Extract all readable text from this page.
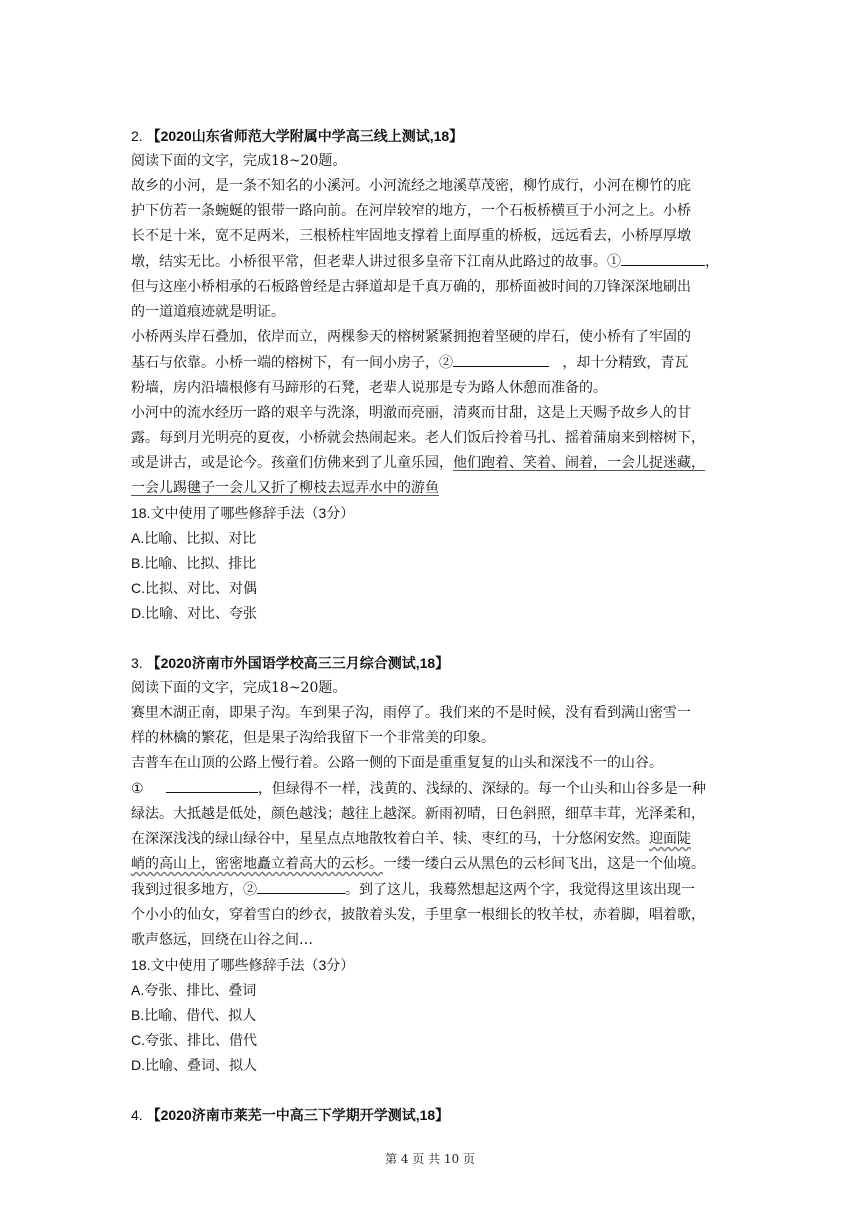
2. 【2020山东省师范大学附属中学高三线上测试,18】
阅读下面的文字，完成18~20题。
故乡的小河，是一条不知名的小溪河。小河流经之地溪草茂密，柳竹成行，小河在柳竹的庇
护下仿若一条蜿蜒的银带一路向前。在河岸较窄的地方，一个石板桥横亘于小河之上。小桥
长不足十米，宽不足两米，三根桥柱牢固地支撑着上面厚重的桥板，远远看去，小桥厚厚墩
墩，结实无比。小桥很平常，但老辈人讲过很多皇帝下江南从此路过的故事。①	，
但与这座小桥相承的石板路曾经是古驿道却是千真万确的，那桥面被时间的刀锋深深地刷出
的一道道痕迹就是明证。
小桥两头岸石叠加，依岸而立，两棵参天的榕树紧紧拥抱着坚硬的岸石，使小桥有了牢固的
基石与依靠。小桥一端的榕树下，有一间小房子，②	，却十分精致，青瓦
粉墙，房内沿墙根修有马蹄形的石凳，老辈人说那是专为路人休憩而准备的。
小河中的流水经历一路的艰辛与洗涤，明澈而亮丽，清爽而甘甜，这是上天赐予故乡人的甘
露。每到月光明亮的夏夜，小桥就会热闹起来。老人们饭后拎着马扎、摇着蒲扇来到榕树下，
或是讲古，或是论今。孩童们仿佛来到了儿童乐园，他们跑着、笑着、闹着，一会儿捉迷藏，
一会儿踢毽子一会儿又折了柳枝去逗弄水中的游鱼
18.文中使用了哪些修辞手法（3分）
A.比喻、比拟、对比
B.比喻、比拟、排比
C.比拟、对比、对偶
D.比喻、对比、夸张
3. 【2020济南市外国语学校高三三月综合测试,18】
阅读下面的文字，完成18~20题。
赛里木湖正南，即果子沟。车到果子沟，雨停了。我们来的不是时候，没有看到满山密雪一
样的林檎的繁花，但是果子沟给我留下一个非常美的印象。
吉普车在山顶的公路上慢行着。公路一侧的下面是重重复复的山头和深浅不一的山谷。
①	，但绿得不一样，浅黄的、浅绿的、深绿的。每一个山头和山谷多是一种
绿法。大抵越是低处，颜色越浅；越往上越深。新雨初晴，日色斜照，细草丰茸，光泽柔和，
在深深浅浅的绿山绿谷中，星星点点地散牧着白羊、犊、枣红的马，十分悠闲安然。迎面陡
峭的高山上，密密地矗立着高大的云杉。一缕一缕白云从黑色的云杉间飞出，这是一个仙境。
我到过很多地方，②	。到了这儿，我蓦然想起这两个字，我觉得这里该出现一
个小小的仙女，穿着雪白的纱衣，披散着头发，手里拿一根细长的牧羊杖，赤着脚，唱着歌，
歌声悠远，回绕在山谷之间…
18.文中使用了哪些修辞手法（3分）
A.夸张、排比、叠词
B.比喻、借代、拟人
C.夸张、排比、借代
D.比喻、叠词、拟人
4. 【2020济南市莱芜一中高三下学期开学测试,18】
第 4 页 共 10 页
